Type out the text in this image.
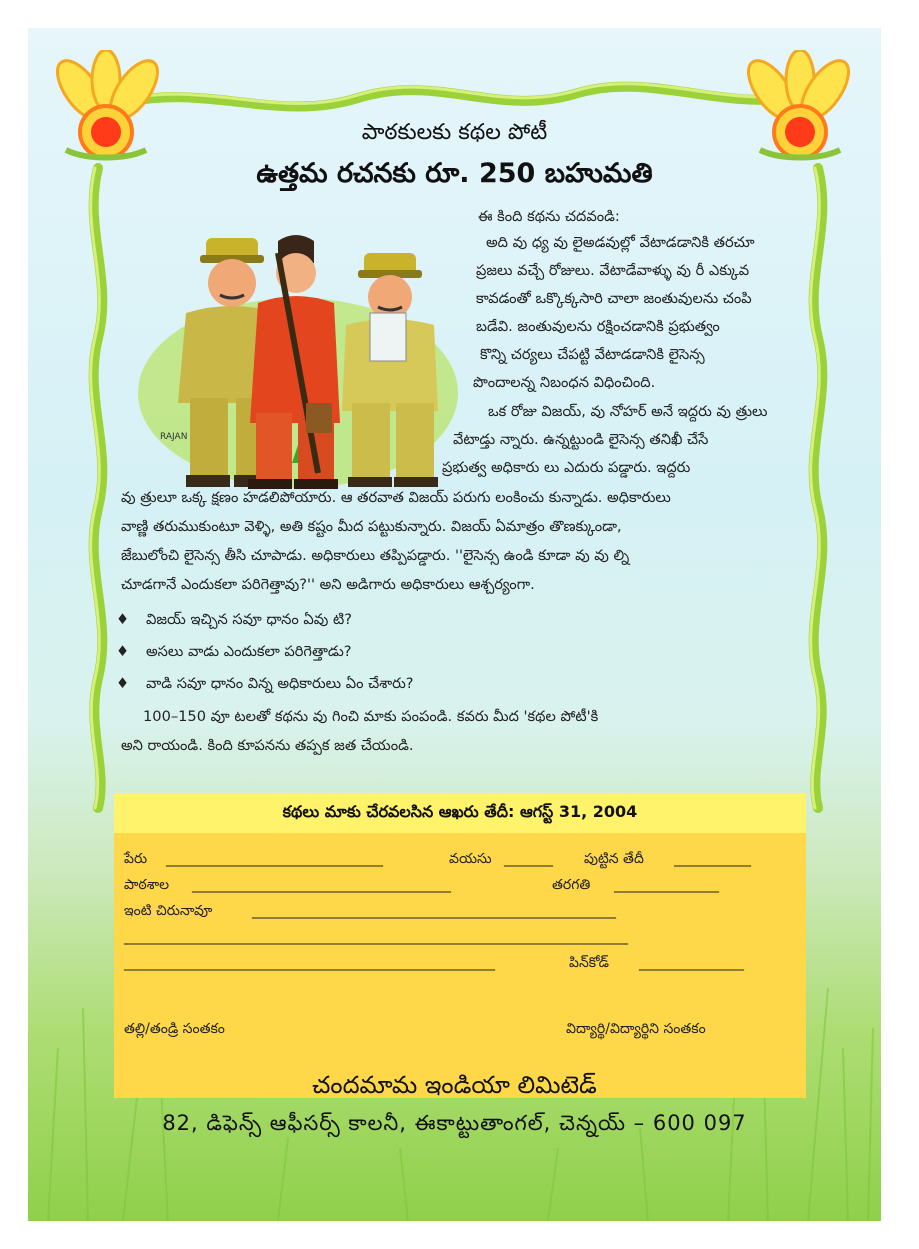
పాఠకులకు కథల పోటీ
ఉత్తమ రచనకు రూ. 250 బహుమతి
RAJAN
ఈ కింది కథను చదవండి:
అది వు ధ్య వు లైఅడవుల్లో వేటాడడానికి తరచూ
ప్రజలు వచ్చే రోజులు. వేటాడేవాళ్ళు వు రీ ఎక్కువ
కావడంతో ఒక్కొక్కసారి చాలా జంతువులను చంపి
బడేవి. జంతువులను రక్షించడానికి ప్రభుత్వం
కొన్ని చర్యలు చేపట్టి వేటాడడానికి లైసెన్స
పొందాలన్న నిబంధన విధించింది.
ఒక రోజు విజయ్, వు నోహర్ అనే ఇద్దరు వు త్రులు
వేటాడ్తు న్నారు. ఉన్నట్టుండి లైసెన్స తనిఖీ చేసే
ప్రభుత్వ అధికారు లు ఎదురు పడ్డారు. ఇద్దరు
వు త్రులూ ఒక్క క్షణం హడలిపోయారు. ఆ తరవాత విజయ్ పరుగు లంకించు కున్నాడు. అధికారులు
వాణ్ణి తరుముకుంటూ వెళ్ళి, అతి కష్టం మీద పట్టుకున్నారు. విజయ్ ఏమాత్రం తొణక్కుండా,
జేబులోంచి లైసెన్స తీసి చూపాడు. అధికారులు తప్పిపడ్డారు. ''లైసెన్స ఉండి కూడా వు వు ల్ని
చూడగానే ఎందుకలా పరిగెత్తావు?'' అని అడిగారు అధికారులు ఆశ్చర్యంగా.
♦ విజయ్ ఇచ్చిన సవూ ధానం ఏవు టి?
♦ అసలు వాడు ఎందుకలా పరిగెత్తాడు?
♦ వాడి సవూ ధానం విన్న అధికారులు ఏం చేశారు?
100–150 వూ టలతో కథను వు గించి మాకు పంపండి. కవరు మీద 'కథల పోటీ'కి
అని రాయండి. కింది కూపనను తప్పక జత చేయండి.
కథలు మాకు చేరవలసిన ఆఖరు తేదీ: ఆగస్ట్ 31, 2004
పేరు _______________________________	వయసు _______ పుట్టిన తేదీ ___________
పాఠశాల _____________________________________	తరగతి _______________
ఇంటి చిరునావూ	____________________________________________________
________________________________________________________________________
_____________________________________________________	పిన్‌కోడ్ _______________
తల్లి/తండ్రి సంతకం	విద్యార్థి/విద్యార్థిని సంతకం
చందమామ ఇండియా లిమిటెడ్
82, డిఫెన్స్ ఆఫీసర్స్ కాలనీ, ఈకాట్టుతాంగల్, చెన్నయ్ – 600 097
